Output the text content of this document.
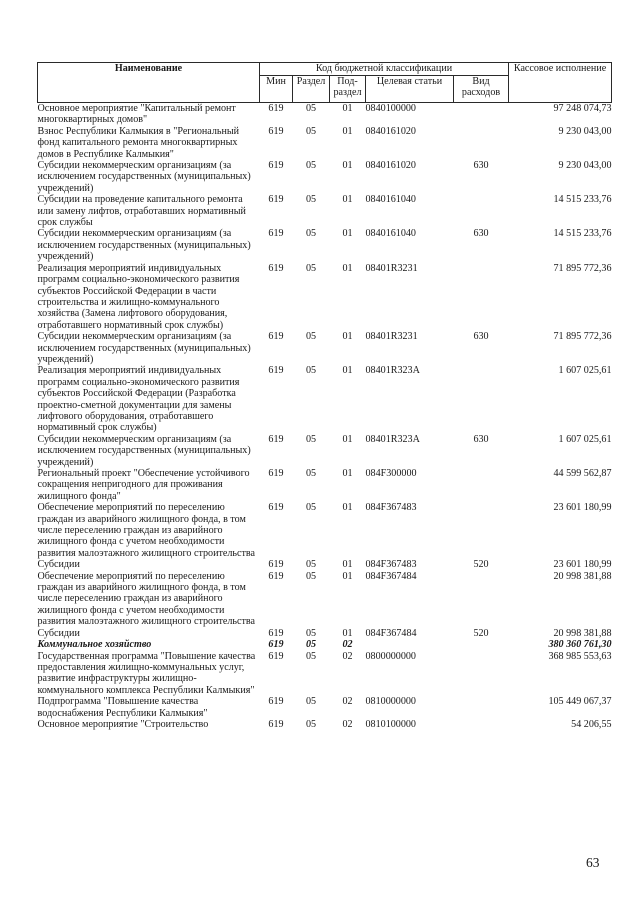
Наименование	Код бюджетной классификации					Кассовое исполнение
	Мин	Раздел	Под-раздел	Целевая статьи	Вид расходов	
Основное мероприятие "Капитальный ремонт многоквартирных домов"	619	05	01	0840100000		97 248 074,73
Взнос Республики Калмыкия в "Региональный фонд капитального ремонта многоквартирных домов в Республике Калмыкия"	619	05	01	0840161020		9 230 043,00
Субсидии некоммерческим организациям (за исключением государственных (муниципальных) учреждений)	619	05	01	0840161020	630	9 230 043,00
Субсидии на проведение капитального ремонта или замену лифтов, отработавших нормативный срок службы	619	05	01	0840161040		14 515 233,76
Субсидии некоммерческим организациям (за исключением государственных (муниципальных) учреждений)	619	05	01	0840161040	630	14 515 233,76
Реализация мероприятий индивидуальных программ социально-экономического развития субъектов Российской Федерации в части строительства и жилищно-коммунального хозяйства (Замена лифтового оборудования, отработавшего нормативный срок службы)	619	05	01	08401R3231		71 895 772,36
Субсидии некоммерческим организациям (за исключением государственных (муниципальных) учреждений)	619	05	01	08401R3231	630	71 895 772,36
Реализация мероприятий индивидуальных программ социально-экономического развития субъектов Российской Федерации (Разработка проектно-сметной документации для замены лифтового оборудования, отработавшего нормативный срок службы)	619	05	01	08401R323A		1 607 025,61
Субсидии некоммерческим организациям (за исключением государственных (муниципальных) учреждений)	619	05	01	08401R323A	630	1 607 025,61
Региональный проект "Обеспечение устойчивого сокращения непригодного для проживания жилищного фонда"	619	05	01	084F300000		44 599 562,87
Обеспечение мероприятий по переселению граждан из аварийного жилищного фонда, в том числе переселению граждан из аварийного жилищного фонда с учетом необходимости развития малоэтажного жилищного строительства	619	05	01	084F367483		23 601 180,99
Субсидии	619	05	01	084F367483	520	23 601 180,99
Обеспечение мероприятий по переселению граждан из аварийного жилищного фонда, в том числе переселению граждан из аварийного жилищного фонда с учетом необходимости развития малоэтажного жилищного строительства	619	05	01	084F367484		20 998 381,88
Субсидии	619	05	01	084F367484	520	20 998 381,88
Коммунальное хозяйство	619	05	02			380 360 761,30
Государственная программа "Повышение качества предоставления жилищно-коммунальных услуг, развитие инфраструктуры жилищно-коммунального комплекса Республики Калмыкия"	619	05	02	0800000000		368 985 553,63
Подпрограмма "Повышение качества водоснабжения Республики Калмыкия"	619	05	02	0810000000		105 449 067,37
Основное мероприятие "Строительство	619	05	02	0810100000		54 206,55
63
